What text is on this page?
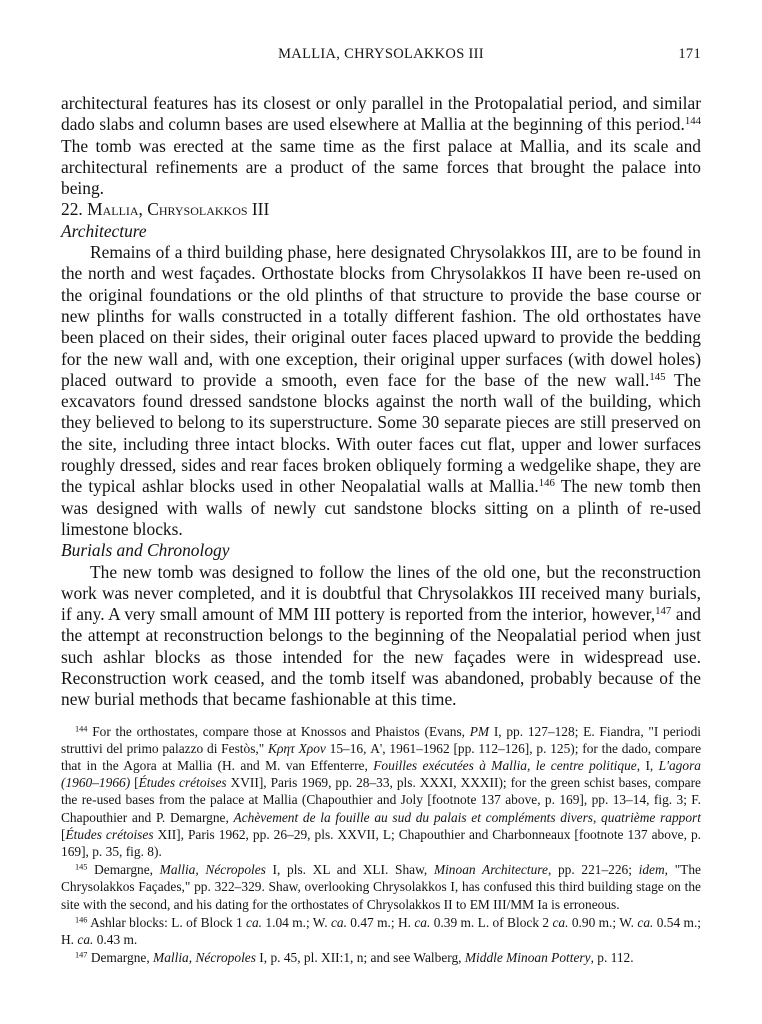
MALLIA, CHRYSOLAKKOS III	171

architectural features has its closest or only parallel in the Protopalatial period, and similar dado slabs and column bases are used elsewhere at Mallia at the beginning of this period.$^{144}$ The tomb was erected at the same time as the first palace at Mallia, and its scale and architectural refinements are a product of the same forces that brought the palace into being.

22. Mallia, Chrysolakkos III

Architecture

Remains of a third building phase, here designated Chrysolakkos III, are to be found in the north and west façades. Orthostate blocks from Chrysolakkos II have been re-used on the original foundations or the old plinths of that structure to provide the base course or new plinths for walls constructed in a totally different fashion. The old orthostates have been placed on their sides, their original outer faces placed upward to provide the bedding for the new wall and, with one exception, their original upper surfaces (with dowel holes) placed outward to provide a smooth, even face for the base of the new wall.$^{145}$ The excavators found dressed sandstone blocks against the north wall of the building, which they believed to belong to its superstructure. Some 30 separate pieces are still preserved on the site, including three intact blocks. With outer faces cut flat, upper and lower surfaces roughly dressed, sides and rear faces broken obliquely forming a wedgelike shape, they are the typical ashlar blocks used in other Neopalatial walls at Mallia.$^{146}$ The new tomb then was designed with walls of newly cut sandstone blocks sitting on a plinth of re-used limestone blocks.

Burials and Chronology

The new tomb was designed to follow the lines of the old one, but the reconstruction work was never completed, and it is doubtful that Chrysolakkos III received many burials, if any. A very small amount of MM III pottery is reported from the interior, however,$^{147}$ and the attempt at reconstruction belongs to the beginning of the Neopalatial period when just such ashlar blocks as those intended for the new façades were in widespread use. Reconstruction work ceased, and the tomb itself was abandoned, probably because of the new burial methods that became fashionable at this time.

$^{144}$ For the orthostates, compare those at Knossos and Phaistos (Evans, PM I, pp. 127–128; E. Fiandra, "I periodi struttivi del primo palazzo di Festòs," Κρητ Χρον 15–16, A', 1961–1962 [pp. 112–126], p. 125); for the dado, compare that in the Agora at Mallia (H. and M. van Effenterre, Fouilles exécutées à Mallia, le centre politique, I, L'agora (1960–1966) [Études crétoises XVII], Paris 1969, pp. 28–33, pls. XXXI, XXXII); for the green schist bases, compare the re-used bases from the palace at Mallia (Chapouthier and Joly [footnote 137 above, p. 169], pp. 13–14, fig. 3; F. Chapouthier and P. Demargne, Achèvement de la fouille au sud du palais et compléments divers, quatrième rapport [Études crétoises XII], Paris 1962, pp. 26–29, pls. XXVII, L; Chapouthier and Charbonneaux [footnote 137 above, p. 169], p. 35, fig. 8).

$^{145}$ Demargne, Mallia, Nécropoles I, pls. XL and XLI. Shaw, Minoan Architecture, pp. 221–226; idem, "The Chrysolakkos Façades," pp. 322–329. Shaw, overlooking Chrysolakkos I, has confused this third building stage on the site with the second, and his dating for the orthostates of Chrysolakkos II to EM III/MM Ia is erroneous.

$^{146}$ Ashlar blocks: L. of Block 1 ca. 1.04 m.; W. ca. 0.47 m.; H. ca. 0.39 m. L. of Block 2 ca. 0.90 m.; W. ca. 0.54 m.; H. ca. 0.43 m.

$^{147}$ Demargne, Mallia, Nécropoles I, p. 45, pl. XII:1, n; and see Walberg, Middle Minoan Pottery, p. 112.
